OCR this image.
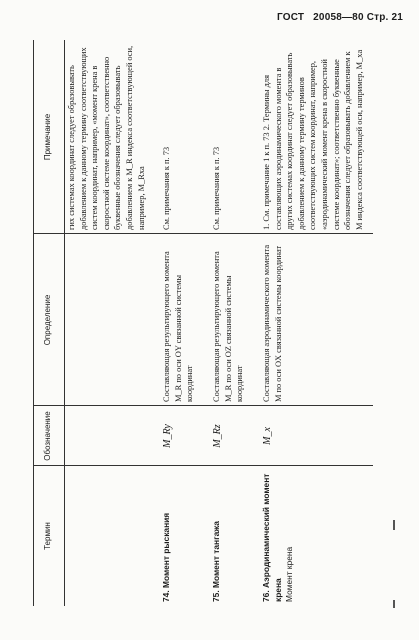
ГОСТ 20058—80 Стр. 21
Термин
Обозначение
Определение
Примечание	гих системах координат следует образовывать добавлением к данному термину соответствующих систем координат, например, «момент крена в скоростной системе координат», соответственно буквенные обозначения следует образовывать добавлением к M_R индекса соответствующей оси, например, M_Rxa
74. Момент рыскания
M_Ry
Составляющая результирующего момента M_R по оси OY связанной системы координат
См. примечания к п. 73
75. Момент тангажа
M_Rz
Составляющая результирующего момента M_R по оси OZ связанной системы координат
См. примечания к п. 73
76. Аэродинамический момент крена Момент крена
M_x
Составляющая аэродинамического момента M по оси OX связанной системы координат
1. См. примечание 1 к п. 73 2. Термины для составляющих аэродинамического момента в других системах координат следует образовывать добавлением к данному термину терминов соответствующих систем координат, например, «аэродинамический момент крена в скоростной системе координат»; соответственно буквенные обозначения следует образовывать добавлением к M индекса соответствующей оси, например, M_xa
